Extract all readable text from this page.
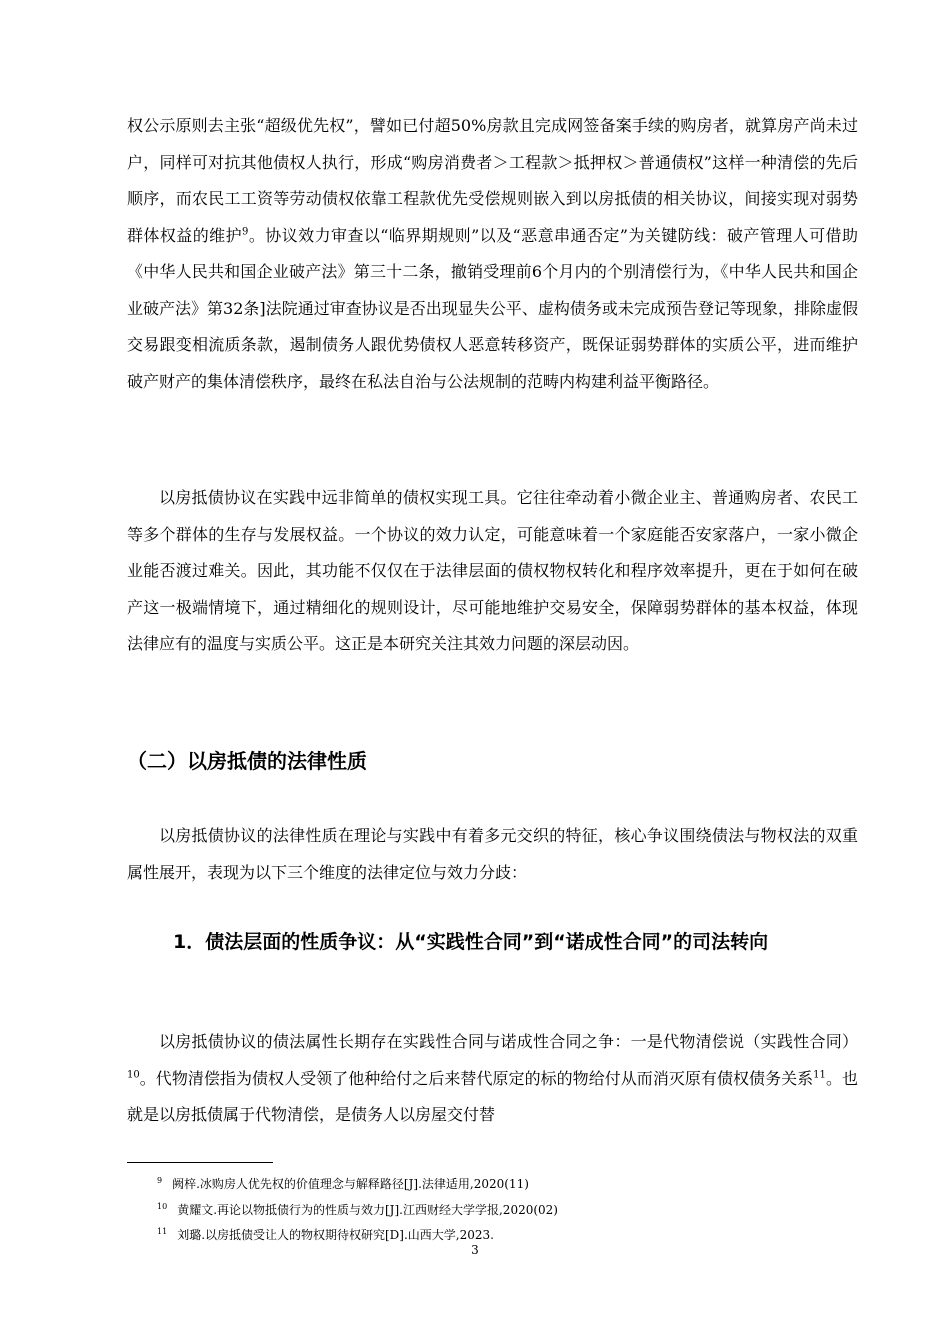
权公示原则去主张“超级优先权”，譬如已付超50%房款且完成网签备案手续的购房者，就算房产尚未过户，同样可对抗其他债权人执行，形成“购房消费者＞工程款＞抵押权＞普通债权”这样一种清偿的先后顺序，而农民工工资等劳动债权依靠工程款优先受偿规则嵌入到以房抵债的相关协议，间接实现对弱势群体权益的维护$^9$。协议效力审查以“临界期规则”以及“恶意串通否定”为关键防线：破产管理人可借助《中华人民共和国企业破产法》第三十二条，撤销受理前6个月内的个别清偿行为，《中华人民共和国企业破产法》第32条]法院通过审查协议是否出现显失公平、虚构债务或未完成预告登记等现象，排除虚假交易跟变相流质条款，遏制债务人跟优势债权人恶意转移资产，既保证弱势群体的实质公平，进而维护破产财产的集体清偿秩序，最终在私法自治与公法规制的范畴内构建利益平衡路径。

以房抵债协议在实践中远非简单的债权实现工具。它往往牵动着小微企业主、普通购房者、农民工等多个群体的生存与发展权益。一个协议的效力认定，可能意味着一个家庭能否安家落户，一家小微企业能否渡过难关。因此，其功能不仅仅在于法律层面的债权物权转化和程序效率提升，更在于如何在破产这一极端情境下，通过精细化的规则设计，尽可能地维护交易安全，保障弱势群体的基本权益，体现法律应有的温度与实质公平。这正是本研究关注其效力问题的深层动因。

（二）以房抵债的法律性质

以房抵债协议的法律性质在理论与实践中有着多元交织的特征，核心争议围绕债法与物权法的双重属性展开，表现为以下三个维度的法律定位与效力分歧：

1．债法层面的性质争议：从“实践性合同”到“诺成性合同”的司法转向

以房抵债协议的债法属性长期存在实践性合同与诺成性合同之争：一是代物清偿说（实践性合同）$^{10}$。代物清偿指为债权人受领了他种给付之后来替代原定的标的物给付从而消灭原有债权债务关系$^{11}$。也就是以房抵债属于代物清偿，是债务人以房屋交付替

$^9$ 阙梓.冰购房人优先权的价值理念与解释路径[J].法律适用,2020(11)

$^{10}$ 黄耀文.再论以物抵债行为的性质与效力[J].江西财经大学学报,2020(02)

$^{11}$ 刘璐.以房抵债受让人的物权期待权研究[D].山西大学,2023.

3
